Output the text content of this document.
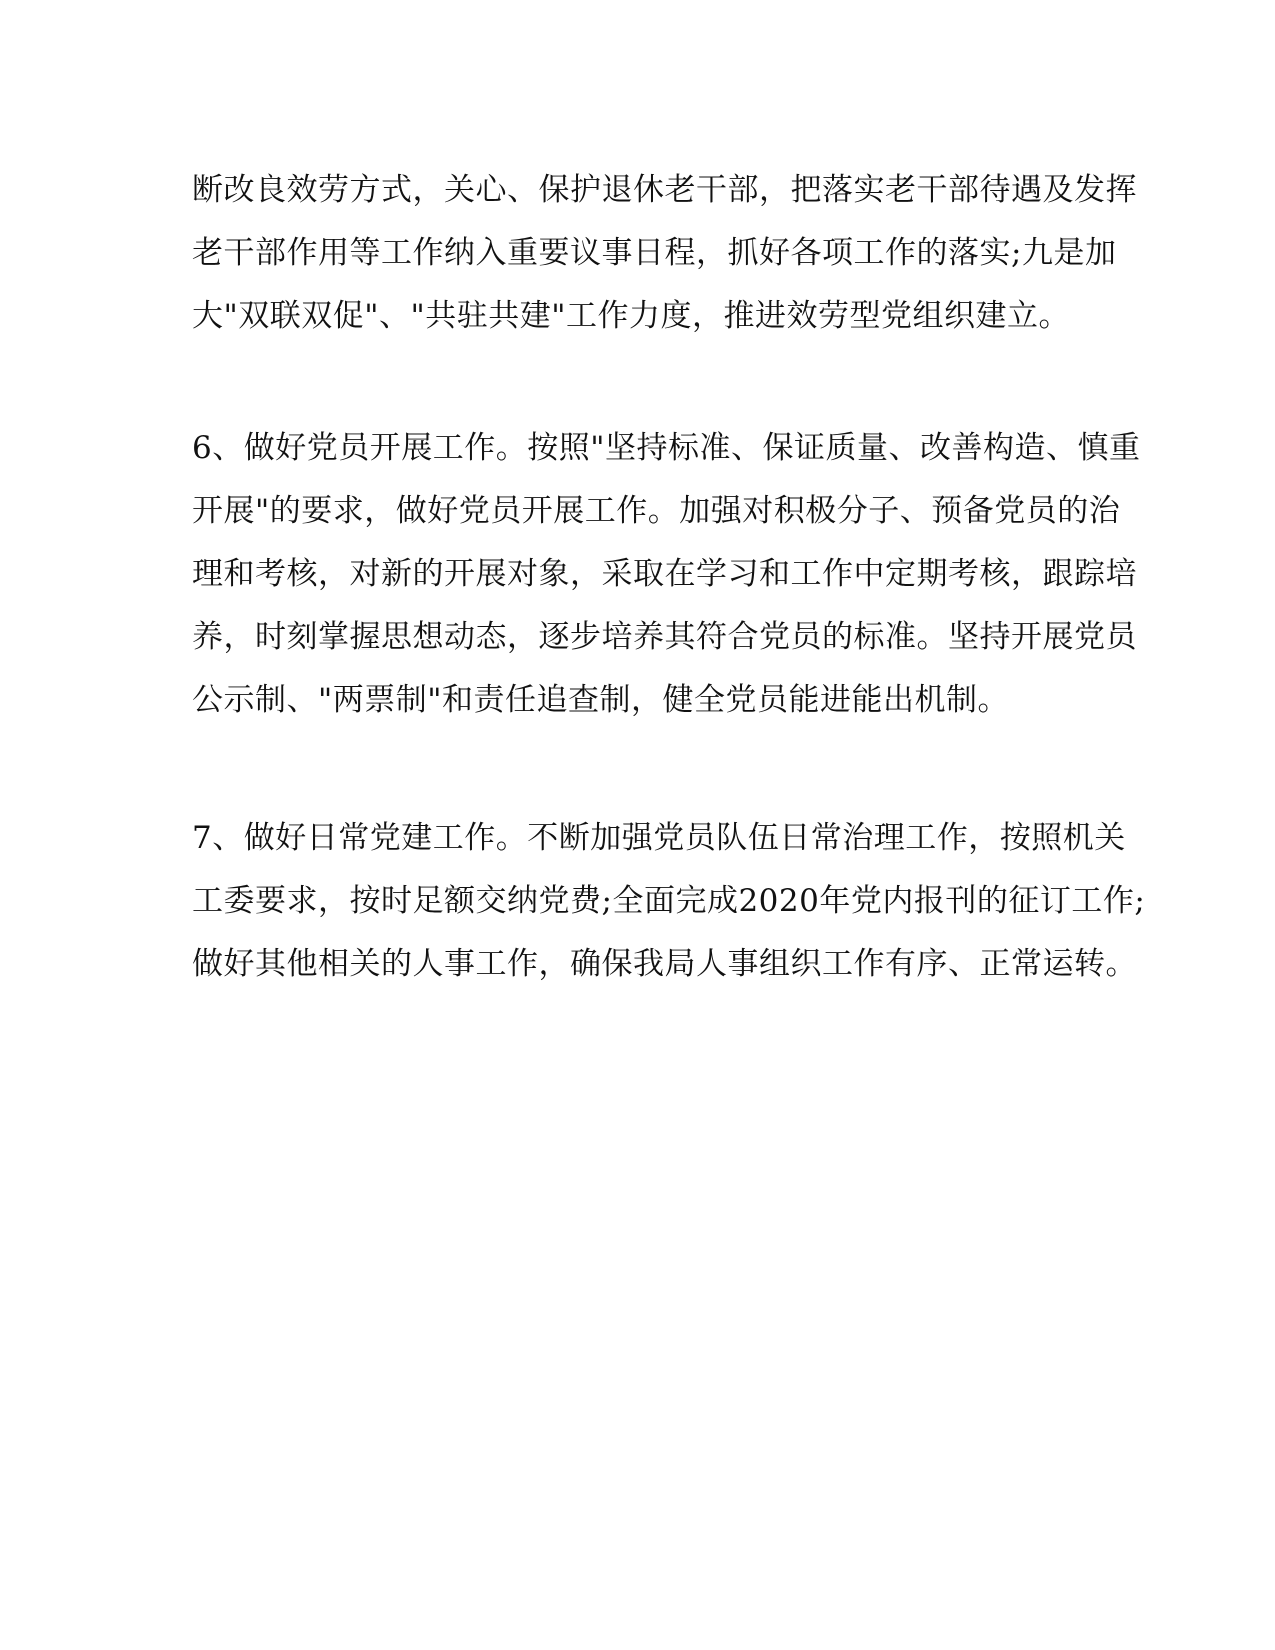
断改良效劳方式，关心、保护退休老干部，把落实老干部待遇及发挥
老干部作用等工作纳入重要议事日程，抓好各项工作的落实;九是加
大"双联双促"、"共驻共建"工作力度，推进效劳型党组织建立。
6、做好党员开展工作。按照"坚持标准、保证质量、改善构造、慎重
开展"的要求，做好党员开展工作。加强对积极分子、预备党员的治
理和考核，对新的开展对象，采取在学习和工作中定期考核，跟踪培
养，时刻掌握思想动态，逐步培养其符合党员的标准。坚持开展党员
公示制、"两票制"和责任追查制，健全党员能进能出机制。
7、做好日常党建工作。不断加强党员队伍日常治理工作，按照机关
工委要求，按时足额交纳党费;全面完成2020年党内报刊的征订工作;
做好其他相关的人事工作，确保我局人事组织工作有序、正常运转。
